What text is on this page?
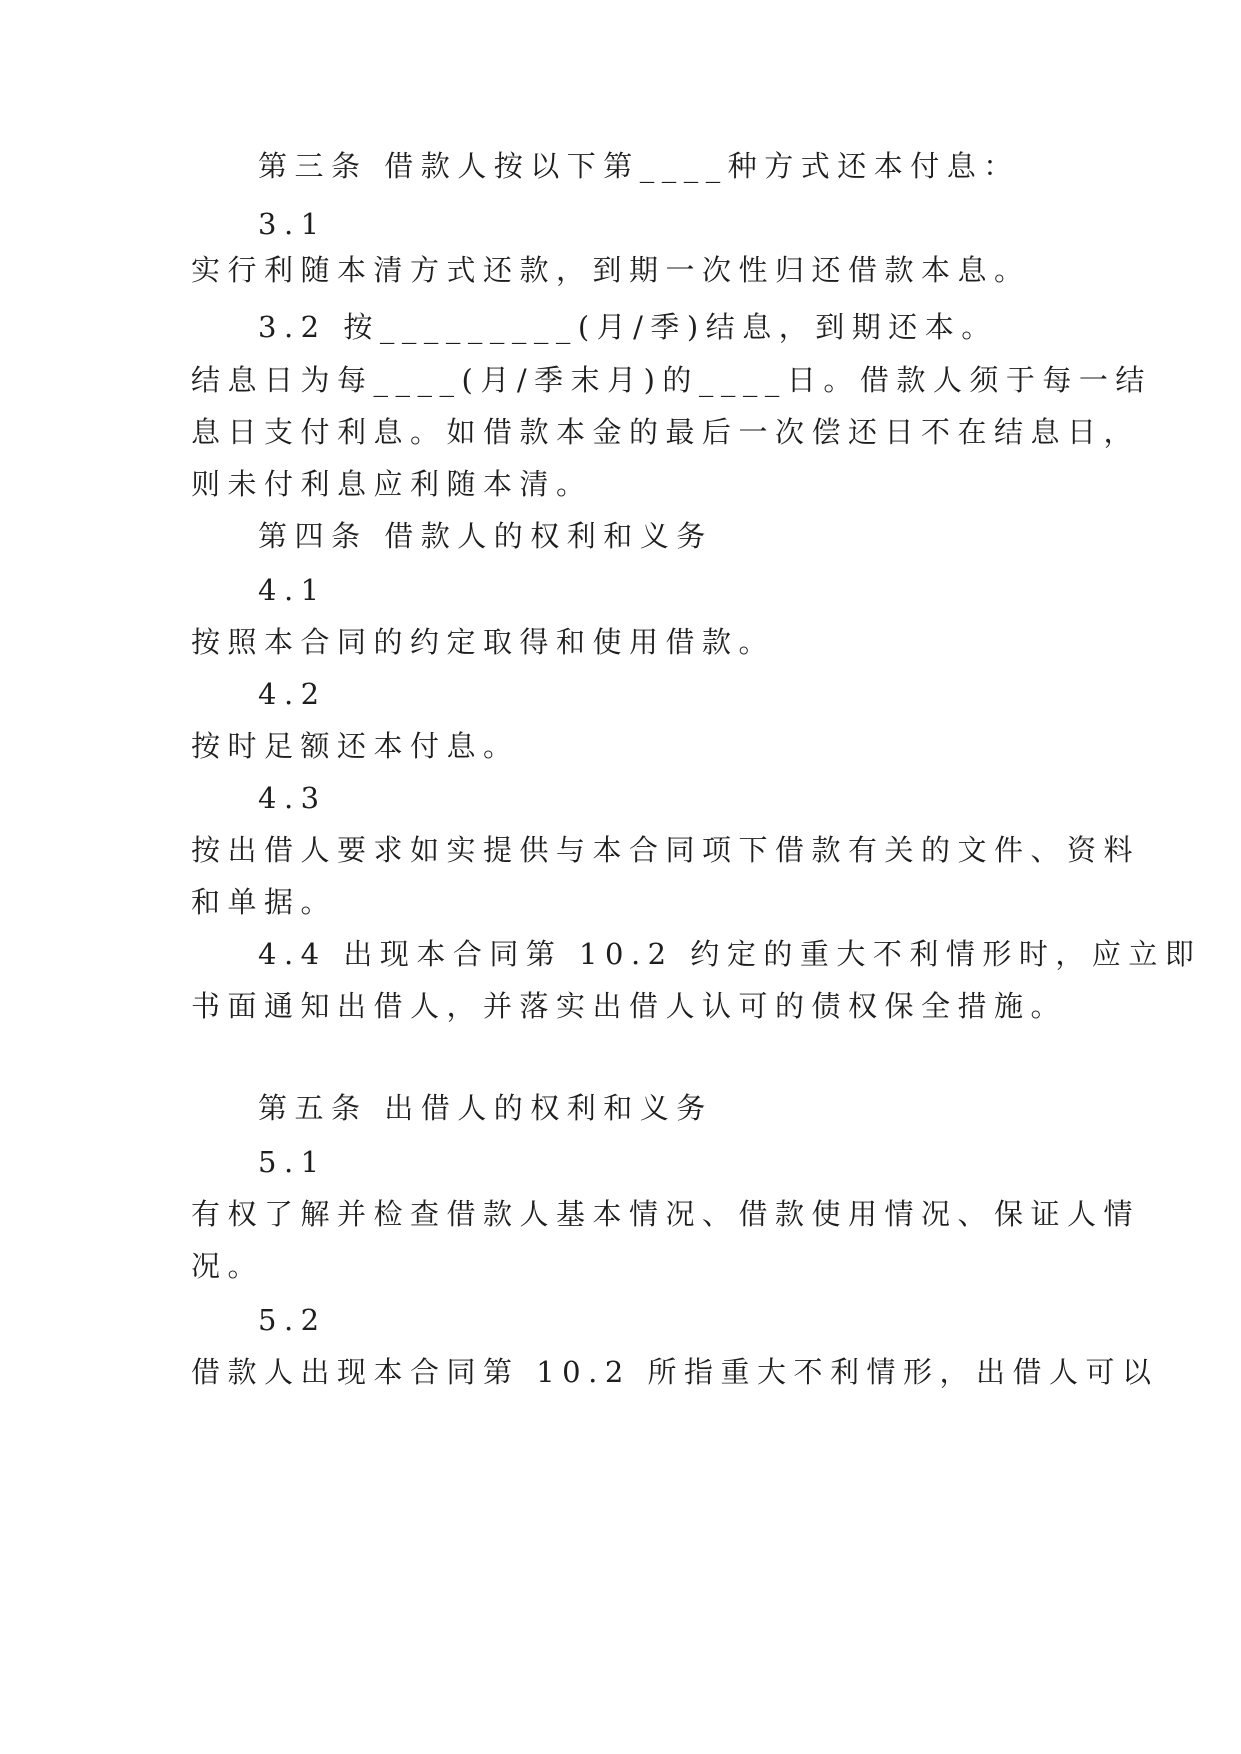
第三条 借款人按以下第____种方式还本付息：

3.1

实行利随本清方式还款，到期一次性归还借款本息。

3.2 按_________(月/季)结息，到期还本。

结息日为每____(月/季末月)的____日。借款人须于每一结

息日支付利息。如借款本金的最后一次偿还日不在结息日，

则未付利息应利随本清。

第四条 借款人的权利和义务

4.1

按照本合同的约定取得和使用借款。

4.2

按时足额还本付息。

4.3

按出借人要求如实提供与本合同项下借款有关的文件、资料

和单据。

4.4 出现本合同第 10.2 约定的重大不利情形时，应立即

书面通知出借人，并落实出借人认可的债权保全措施。

第五条 出借人的权利和义务

5.1

有权了解并检查借款人基本情况、借款使用情况、保证人情

况。

5.2

借款人出现本合同第 10.2 所指重大不利情形，出借人可以
